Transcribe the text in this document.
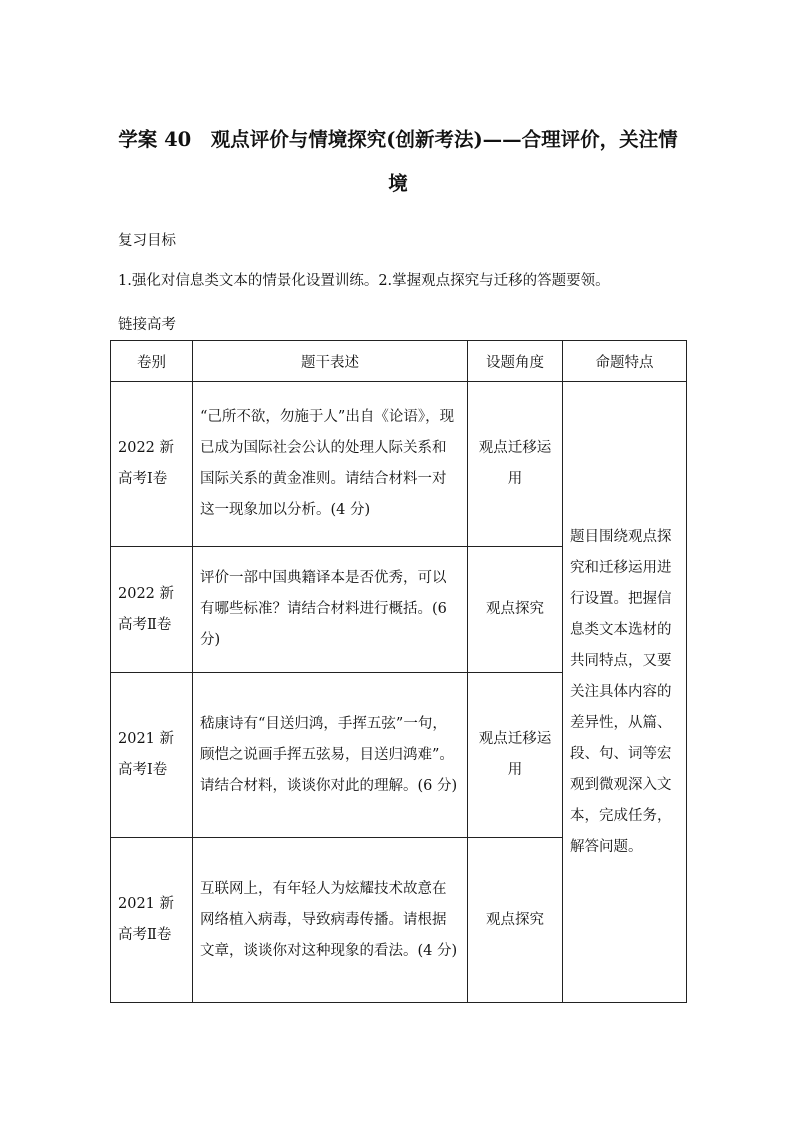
学案 40　观点评价与情境探究(创新考法)——合理评价，关注情境

复习目标

1.强化对信息类文本的情景化设置训练。2.掌握观点探究与迁移的答题要领。

链接高考

卷别	题干表述	设题角度	命题特点
2022 新高考Ⅰ卷	“己所不欲，勿施于人”出自《论语》，现已成为国际社会公认的处理人际关系和国际关系的黄金准则。请结合材料一对这一现象加以分析。(4 分)	观点迁移运用	题目围绕观点探究和迁移运用进行设置。把握信息类文本选材的共同特点，又要关注具体内容的差异性，从篇、段、句、词等宏观到微观深入文本，完成任务，解答问题。
2022 新高考Ⅱ卷	评价一部中国典籍译本是否优秀，可以有哪些标准？请结合材料进行概括。(6 分)	观点探究	
2021 新高考Ⅰ卷	嵇康诗有“目送归鸿，手挥五弦”一句，顾恺之说画手挥五弦易，目送归鸿难”。请结合材料，谈谈你对此的理解。(6 分)	观点迁移运用	
2021 新高考Ⅱ卷	互联网上，有年轻人为炫耀技术故意在网络植入病毒，导致病毒传播。请根据文章，谈谈你对这种现象的看法。(4 分)	观点探究	
